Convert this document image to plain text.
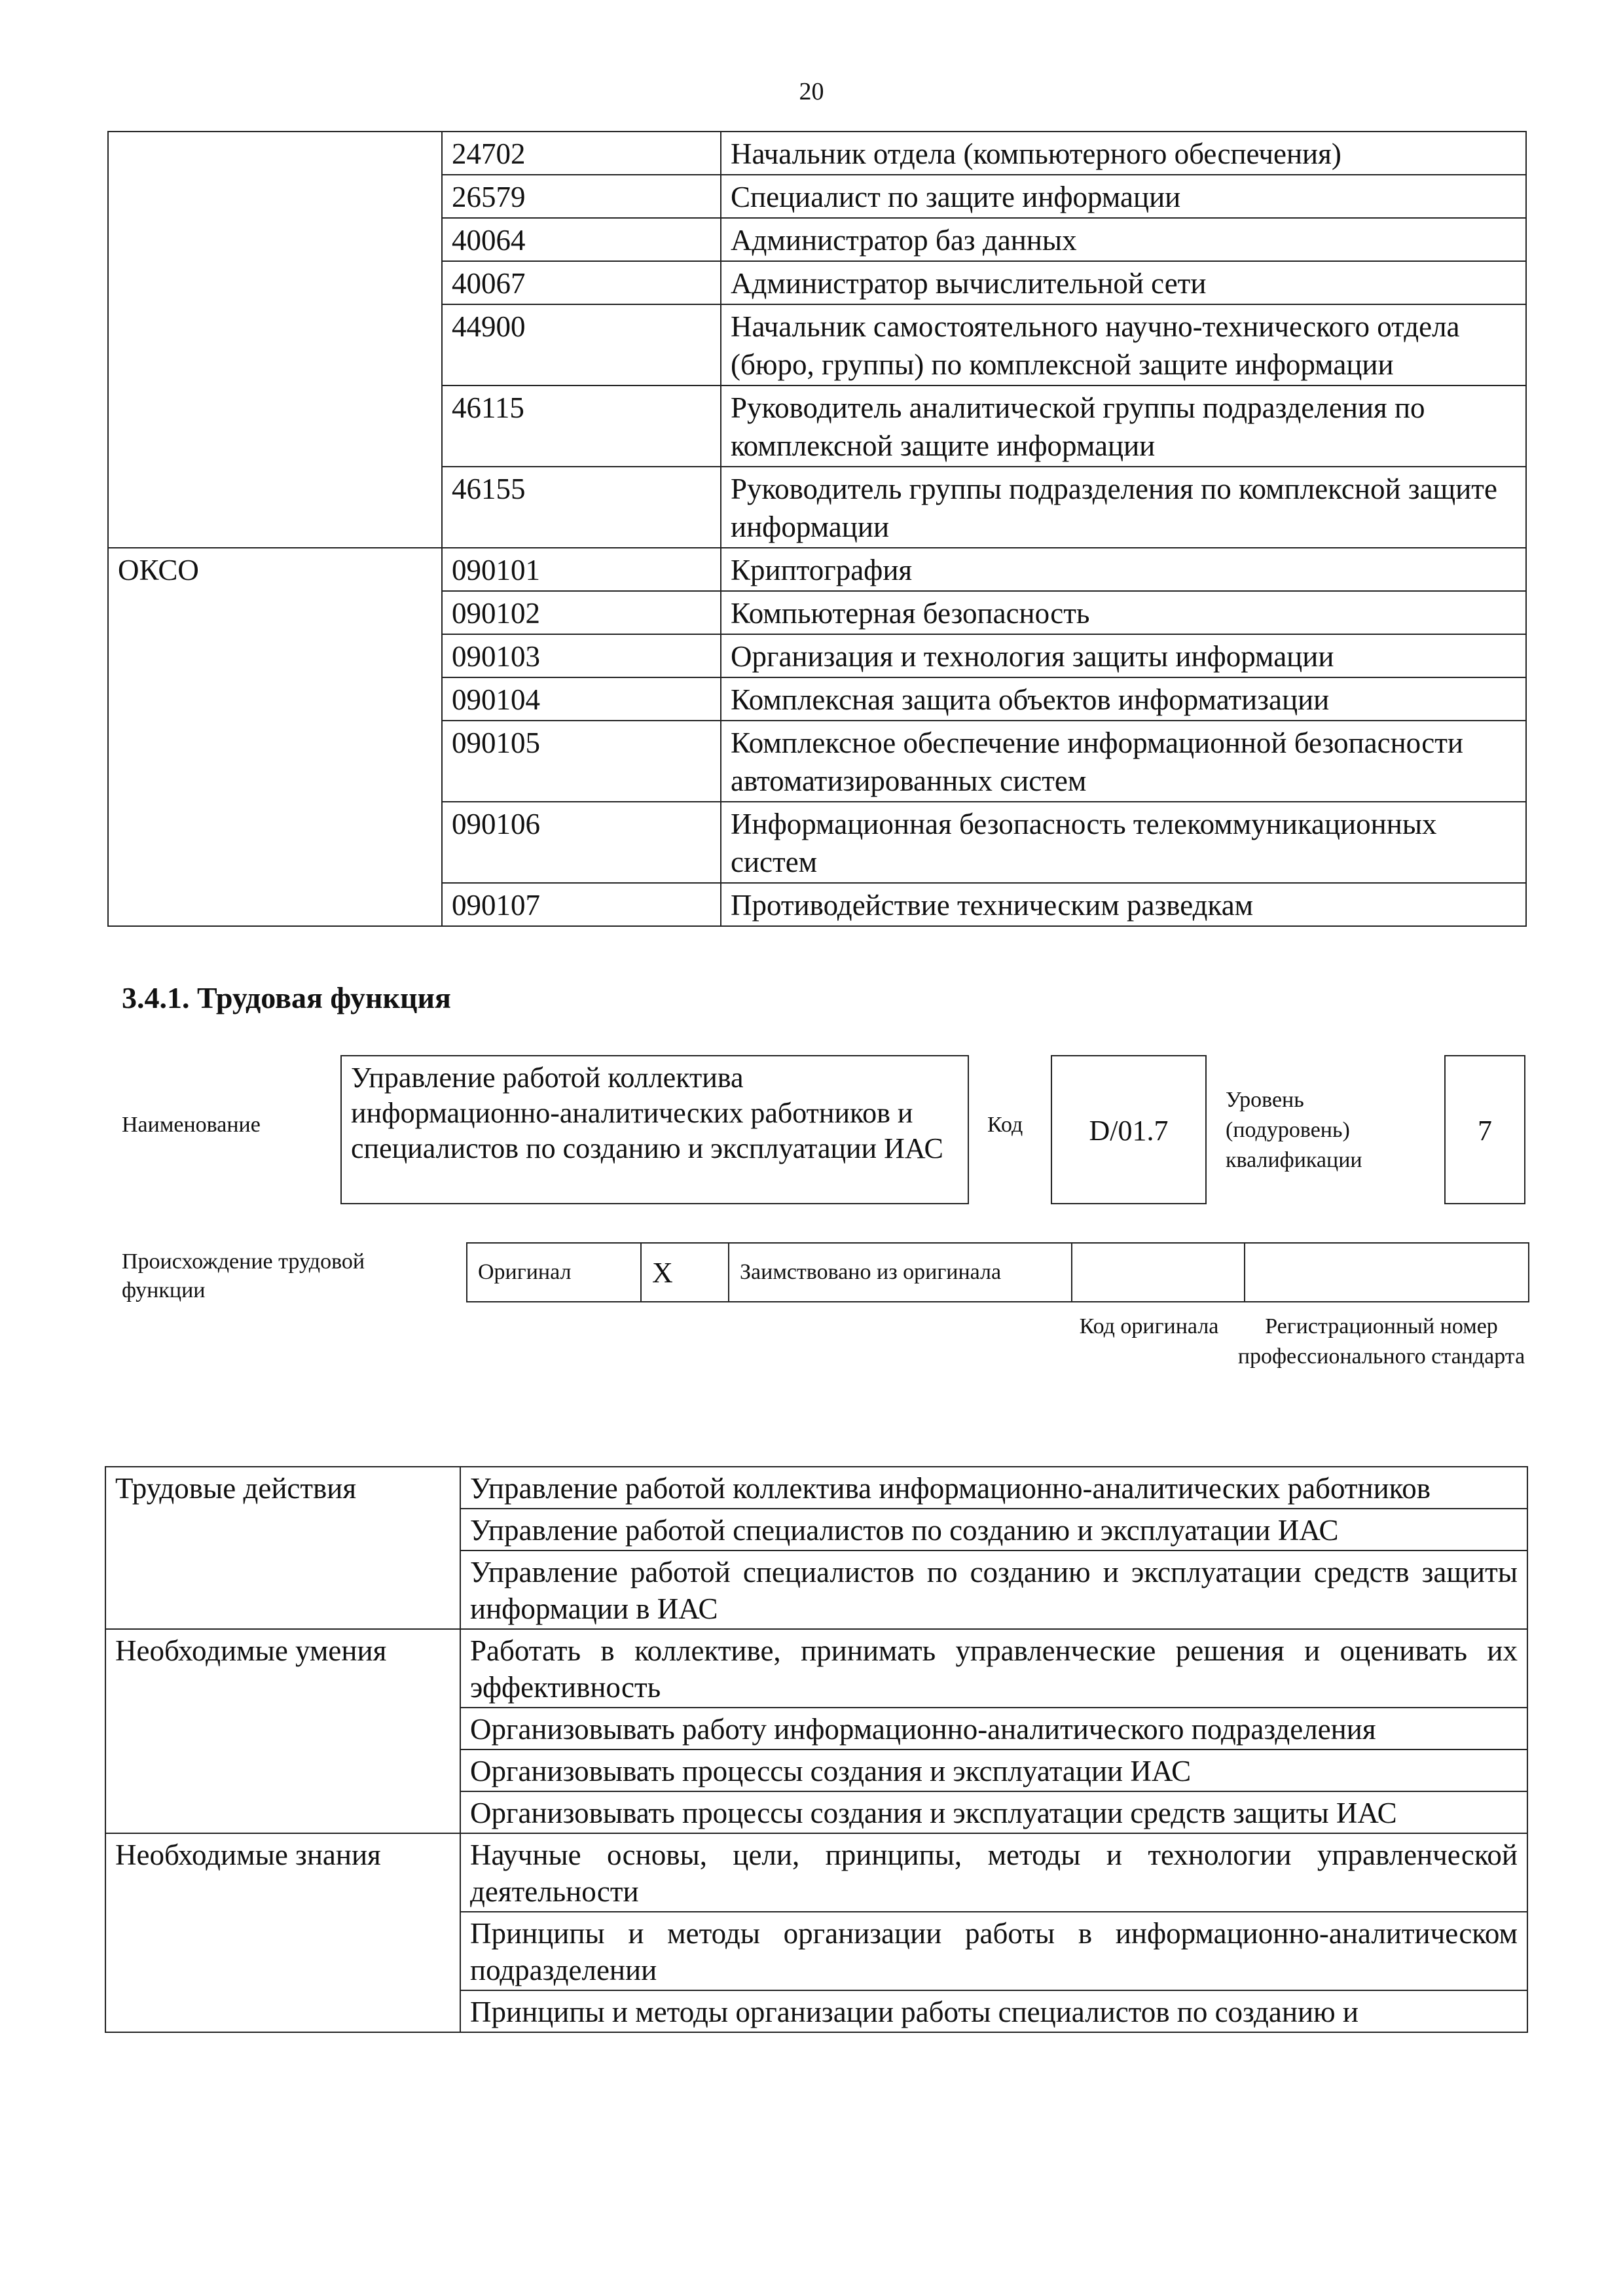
20
	24702	Начальник отдела (компьютерного обеспечения)
	26579	Специалист по защите информации
	40064	Администратор баз данных
	40067	Администратор вычислительной сети
	44900	Начальник самостоятельного научно-технического отдела (бюро, группы) по комплексной защите информации
	46115	Руководитель аналитической группы подразделения по комплексной защите информации
	46155	Руководитель группы подразделения по комплексной защите информации
ОКСО	090101	Криптография
	090102	Компьютерная безопасность
	090103	Организация и технология защиты информации
	090104	Комплексная защита объектов информатизации
	090105	Комплексное обеспечение информационной безопасности автоматизированных систем
	090106	Информационная безопасность телекоммуникационных систем
	090107	Противодействие техническим разведкам
3.4.1. Трудовая функция
Наименование
Управление работой коллектива информационно-аналитических работников и специалистов по созданию и эксплуатации ИАС
Код	D/01.7
Уровень (подуровень) квалификации
7
Происхождение трудовой функции
Оригинал	X	Заимствовано из оригинала		
Код оригинала	Регистрационный номер профессионального стандарта
Трудовые действия	Управление работой коллектива информационно-аналитических работников
	Управление работой специалистов по созданию и эксплуатации ИАС
	Управление работой специалистов по созданию и эксплуатации средств защиты информации в ИАС
Необходимые умения	Работать в коллективе, принимать управленческие решения и оценивать их эффективность
	Организовывать работу информационно-аналитического подразделения
	Организовывать процессы создания и эксплуатации ИАС
	Организовывать процессы создания и эксплуатации средств защиты ИАС
Необходимые знания	Научные основы, цели, принципы, методы и технологии управленческой деятельности
	Принципы и методы организации работы в информационно-аналитическом подразделении
	Принципы и методы организации работы специалистов по созданию и
